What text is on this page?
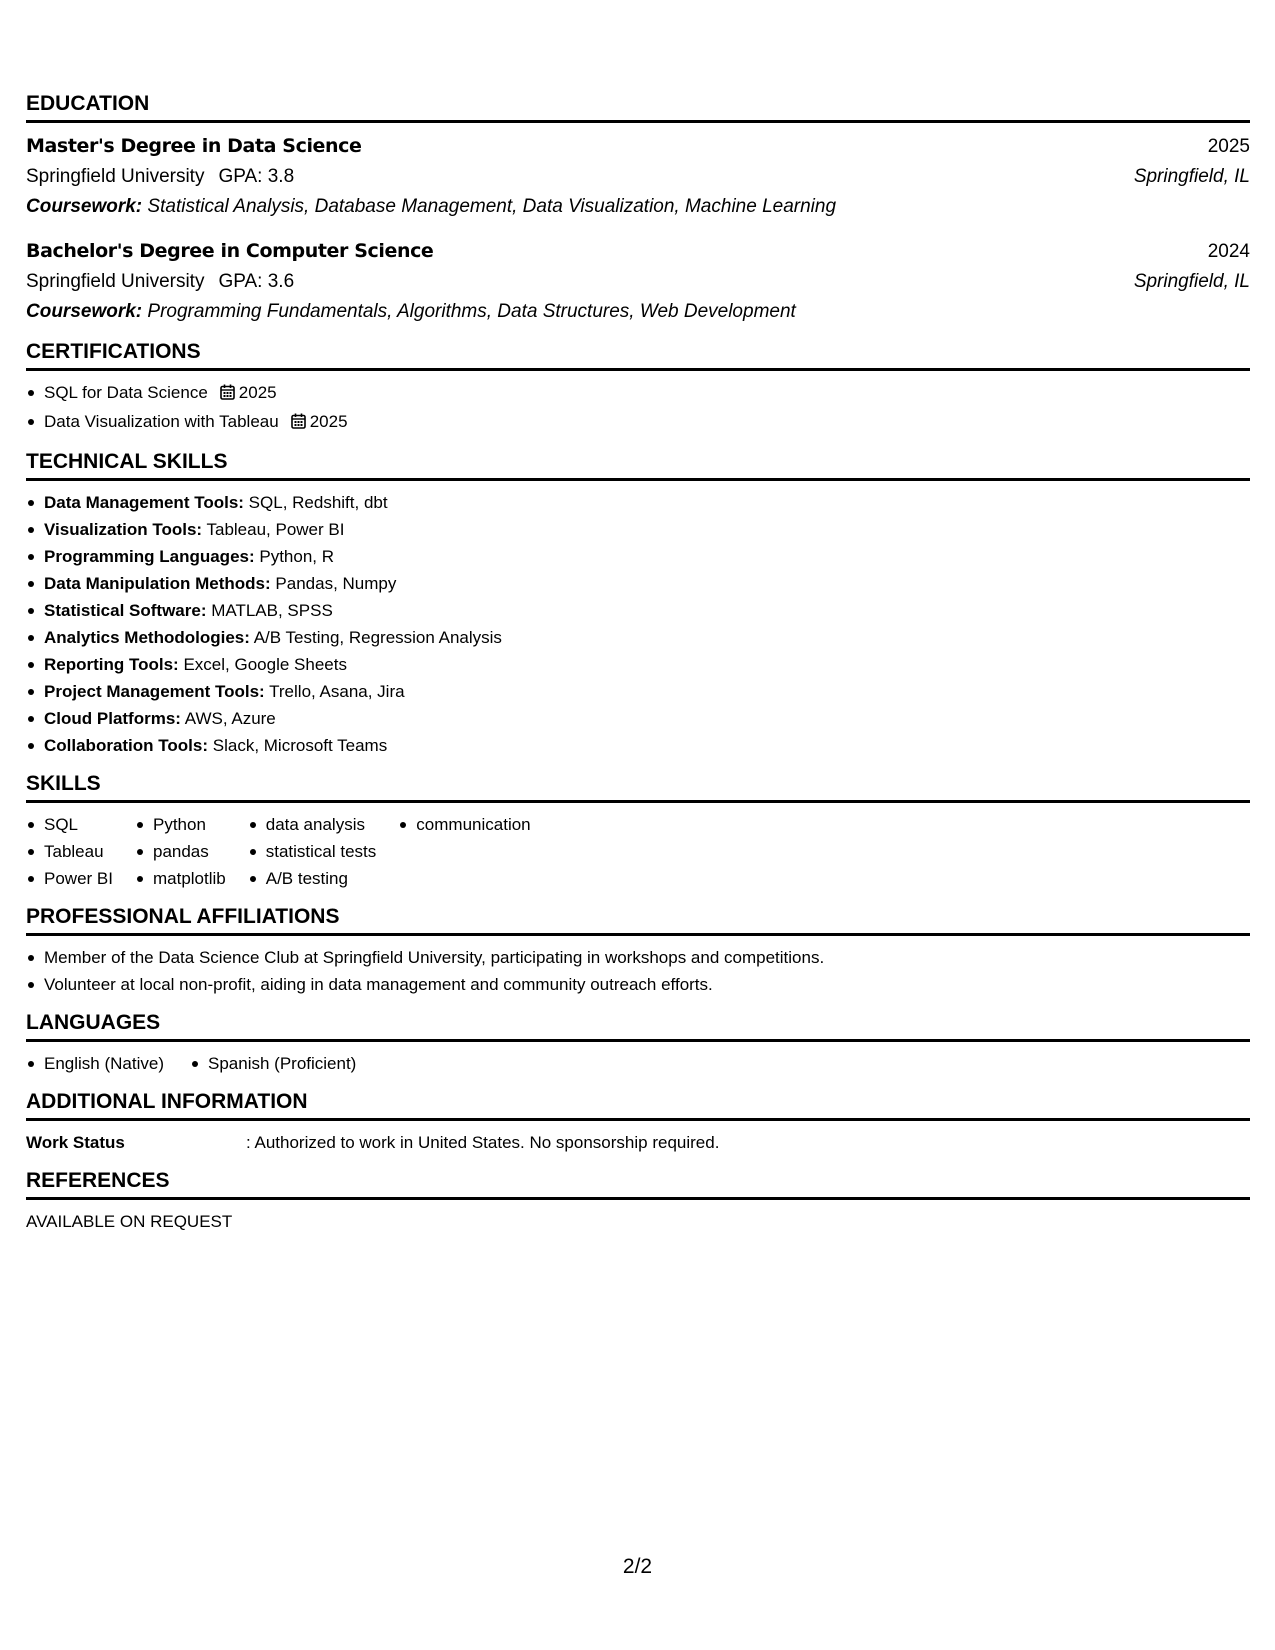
EDUCATION
Master's Degree in Data Science	2025
Springfield University GPA: 3.8	Springfield, IL
Coursework: Statistical Analysis, Database Management, Data Visualization, Machine Learning
Bachelor's Degree in Computer Science	2024
Springfield University GPA: 3.6	Springfield, IL
Coursework: Programming Fundamentals, Algorithms, Data Structures, Web Development
CERTIFICATIONS
SQL for Data Science 2025
Data Visualization with Tableau 2025
TECHNICAL SKILLS
Data Management Tools: SQL, Redshift, dbt
Visualization Tools: Tableau, Power BI
Programming Languages: Python, R
Data Manipulation Methods: Pandas, Numpy
Statistical Software: MATLAB, SPSS
Analytics Methodologies: A/B Testing, Regression Analysis
Reporting Tools: Excel, Google Sheets
Project Management Tools: Trello, Asana, Jira
Cloud Platforms: AWS, Azure
Collaboration Tools: Slack, Microsoft Teams
SKILLS
SQL
Tableau
Power BI
Python
pandas
matplotlib
data analysis
statistical tests
A/B testing
communication
PROFESSIONAL AFFILIATIONS
Member of the Data Science Club at Springfield University, participating in workshops and competitions.
Volunteer at local non-profit, aiding in data management and community outreach efforts.
LANGUAGES
English (Native)	Spanish (Proficient)
ADDITIONAL INFORMATION
Work Status	: Authorized to work in United States. No sponsorship required.
REFERENCES
AVAILABLE ON REQUEST
2/2
